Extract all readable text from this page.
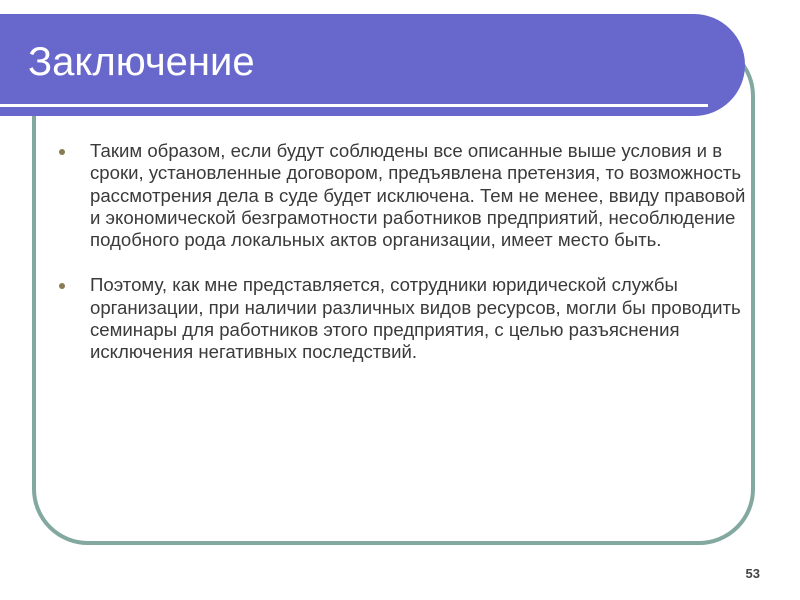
Заключение
Таким образом, если будут соблюдены все описанные выше условия и в сроки, установленные договором, предъявлена претензия, то возможность рассмотрения дела в суде будет исключена. Тем не менее, ввиду правовой и экономической безграмотности работников предприятий, несоблюдение подобного рода локальных актов организации, имеет место быть.
Поэтому, как мне представляется, сотрудники юридической службы организации, при наличии различных видов ресурсов, могли бы проводить семинары для работников этого предприятия, с целью разъяснения исключения негативных последствий.
53
